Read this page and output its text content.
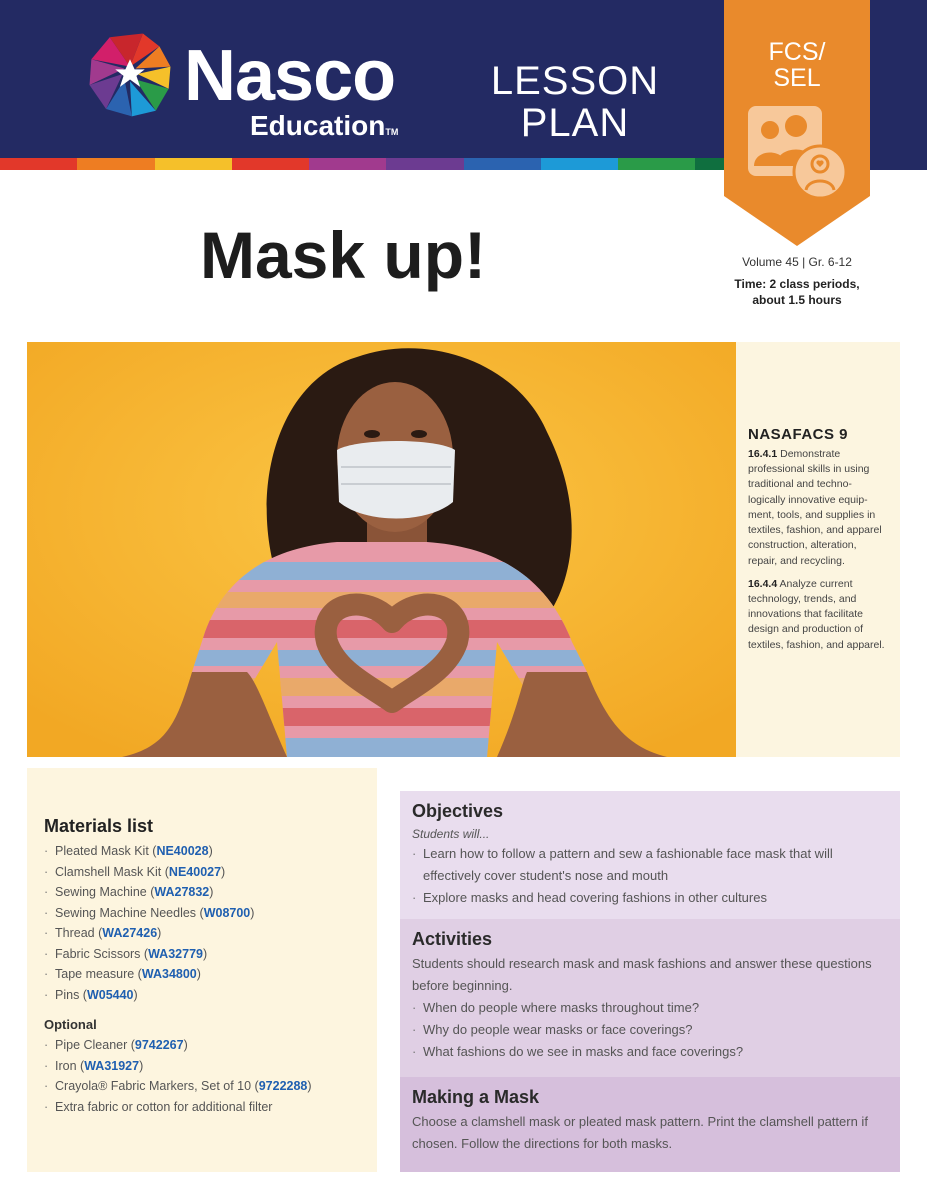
Nasco
EducationTM
LESSON
PLAN
FCS/
SEL
Mask up!	Volume 45 | Gr. 6-12
Time: 2 class periods,
about 1.5 hours
NASAFACS 9

16.4.1 Demonstrate professional skills in using traditional and techno-logically innovative equip-ment, tools, and supplies in textiles, fashion, and apparel construction, alteration, repair, and recycling.

16.4.4 Analyze current technology, trends, and innovations that facilitate design and production of textiles, fashion, and apparel.

Materials list
· Pleated Mask Kit (NE40028)
· Clamshell Mask Kit (NE40027)
· Sewing Machine (WA27832)
· Sewing Machine Needles (W08700)
· Thread (WA27426)
· Fabric Scissors (WA32779)
· Tape measure (WA34800)
· Pins (W05440)
Optional
· Pipe Cleaner (9742267)
· Iron (WA31927)
· Crayola® Fabric Markers, Set of 10 (9722288)
· Extra fabric or cotton for additional filter
Objectives
Students will...
· Learn how to follow a pattern and sew a fashionable face mask that will effectively cover student's nose and mouth
· Explore masks and head covering fashions in other cultures
Activities

Students should research mask and mask fashions and answer these questions before beginning.

· When do people where masks throughout time?
· Why do people wear masks or face coverings?
· What fashions do we see in masks and face coverings?
Making a Mask

Choose a clamshell mask or pleated mask pattern. Print the clamshell pattern if chosen. Follow the directions for both masks.
